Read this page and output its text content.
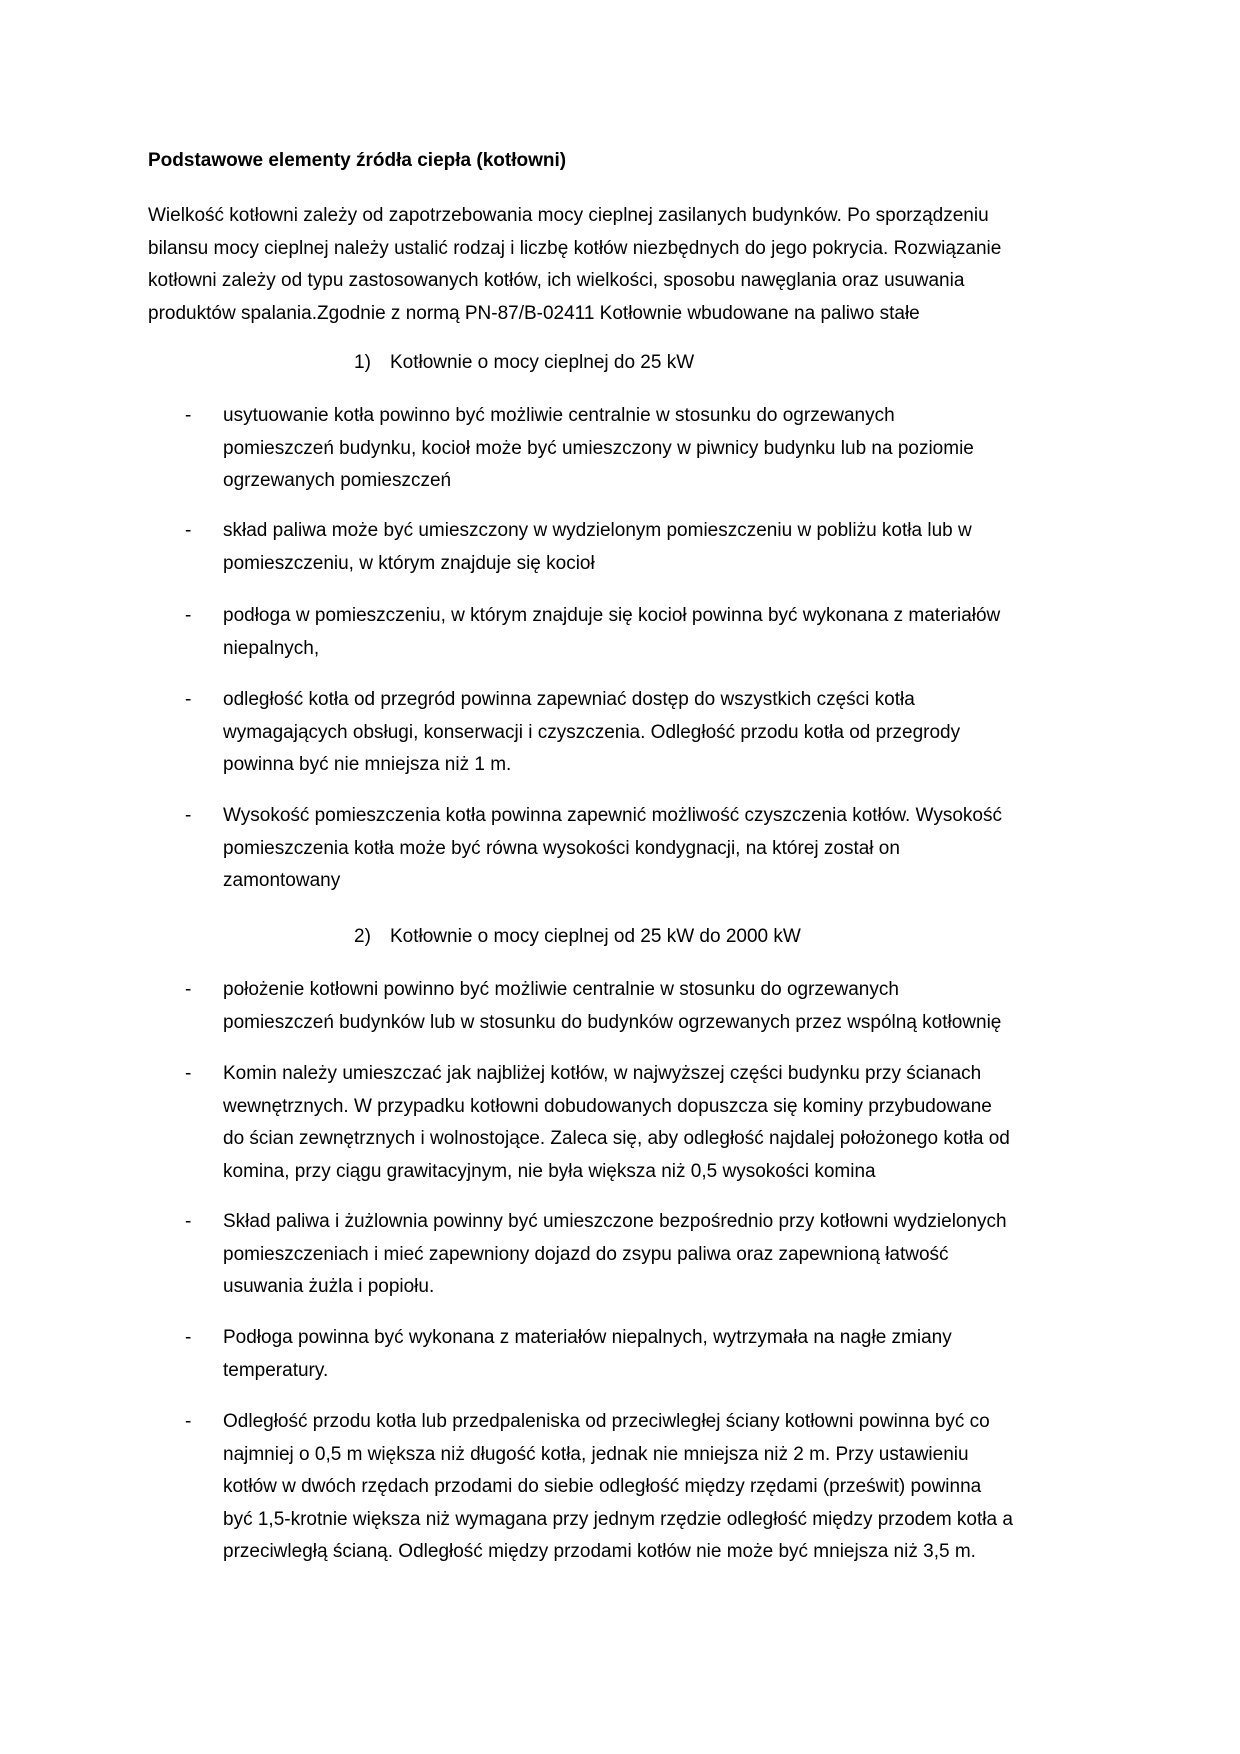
Podstawowe elementy źródła ciepła (kotłowni)

Wielkość kotłowni zależy od zapotrzebowania mocy cieplnej zasilanych budynków. Po sporządzeniu
bilansu mocy cieplnej należy ustalić rodzaj i liczbę kotłów niezbędnych do jego pokrycia. Rozwiązanie
kotłowni zależy od typu zastosowanych kotłów, ich wielkości, sposobu nawęglania oraz usuwania
produktów spalania.Zgodnie z normą PN-87/B-02411 Kotłownie wbudowane na paliwo stałe

1) Kotłownie o mocy cieplnej do 25 kW
- usytuowanie kotła powinno być możliwie centralnie w stosunku do ogrzewanych
pomieszczeń budynku, kocioł może być umieszczony w piwnicy budynku lub na poziomie
ogrzewanych pomieszczeń
- skład paliwa może być umieszczony w wydzielonym pomieszczeniu w pobliżu kotła lub w
pomieszczeniu, w którym znajduje się kocioł
- podłoga w pomieszczeniu, w którym znajduje się kocioł powinna być wykonana z materiałów
niepalnych,
- odległość kotła od przegród powinna zapewniać dostęp do wszystkich części kotła
wymagających obsługi, konserwacji i czyszczenia. Odległość przodu kotła od przegrody
powinna być nie mniejsza niż 1 m.
- Wysokość pomieszczenia kotła powinna zapewnić możliwość czyszczenia kotłów. Wysokość
pomieszczenia kotła może być równa wysokości kondygnacji, na której został on
zamontowany
2) Kotłownie o mocy cieplnej od 25 kW do 2000 kW
- położenie kotłowni powinno być możliwie centralnie w stosunku do ogrzewanych
pomieszczeń budynków lub w stosunku do budynków ogrzewanych przez wspólną kotłownię
- Komin należy umieszczać jak najbliżej kotłów, w najwyższej części budynku przy ścianach
wewnętrznych. W przypadku kotłowni dobudowanych dopuszcza się kominy przybudowane
do ścian zewnętrznych i wolnostojące. Zaleca się, aby odległość najdalej położonego kotła od
komina, przy ciągu grawitacyjnym, nie była większa niż 0,5 wysokości komina
- Skład paliwa i żużlownia powinny być umieszczone bezpośrednio przy kotłowni wydzielonych
pomieszczeniach i mieć zapewniony dojazd do zsypu paliwa oraz zapewnioną łatwość
usuwania żużla i popiołu.
- Podłoga powinna być wykonana z materiałów niepalnych, wytrzymała na nagłe zmiany
temperatury.
- Odległość przodu kotła lub przedpaleniska od przeciwległej ściany kotłowni powinna być co
najmniej o 0,5 m większa niż długość kotła, jednak nie mniejsza niż 2 m. Przy ustawieniu
kotłów w dwóch rzędach przodami do siebie odległość między rzędami (prześwit) powinna
być 1,5-krotnie większa niż wymagana przy jednym rzędzie odległość między przodem kotła a
przeciwległą ścianą. Odległość między przodami kotłów nie może być mniejsza niż 3,5 m.
